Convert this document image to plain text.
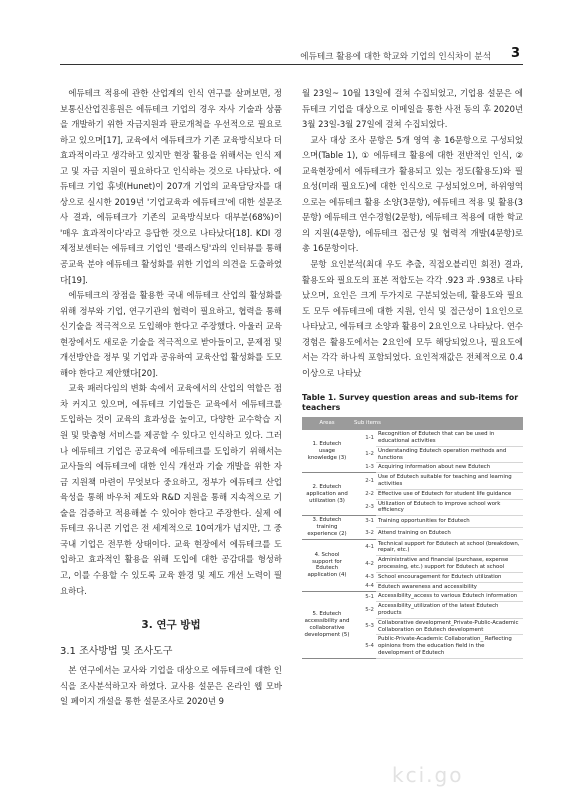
에듀테크 활용에 대한 학교와 기업의 인식차이 분석 3

에듀테크 적용에 관한 산업계의 인식 연구를 살펴보면, 정보통신산업진흥원은 에듀테크 기업의 경우 자사 기술과 상품을 개발하기 위한 자금지원과 판로개척을 우선적으로 필요로 하고 있으며[17], 교육에서 에듀테크가 기존 교육방식보다 더 효과적이라고 생각하고 있지만 현장 활용을 위해서는 인식 제고 및 자금 지원이 필요하다고 인식하는 것으로 나타났다. 에듀테크 기업 휴넷(Hunet)이 207개 기업의 교육담당자를 대상으로 실시한 2019년 '기업교육과 에듀테크'에 대한 설문조사 결과, 에듀테크가 기존의 교육방식보다 대부분(68%)이 '매우 효과적이다'라고 응답한 것으로 나타났다[18]. KDI 경제정보센터는 에듀테크 기업인 '클래스팅'과의 인터뷰를 통해 공교육 분야 에듀테크 활성화를 위한 기업의 의견을 도출하였다[19].

에듀테크의 장점을 활용한 국내 에듀테크 산업의 활성화를 위해 정부와 기업, 연구기관의 협력이 필요하고, 협력을 통해 신기술을 적극적으로 도입해야 한다고 주장했다. 아울러 교육현장에서도 새로운 기술을 적극적으로 받아들이고, 문제점 및 개선방안을 정부 및 기업과 공유하여 교육산업 활성화를 도모해야 한다고 제안했다[20].

교육 패러다임의 변화 속에서 교육에서의 산업의 역할은 점차 커지고 있으며, 에듀테크 기업들은 교육에서 에듀테크를 도입하는 것이 교육의 효과성을 높이고, 다양한 교수학습 지원 및 맞춤형 서비스를 제공할 수 있다고 인식하고 있다. 그러나 에듀테크 기업은 공교육에 에듀테크를 도입하기 위해서는 교사들의 에듀테크에 대한 인식 개선과 기술 개발을 위한 자금 지원책 마련이 무엇보다 중요하고, 정부가 에듀테크 산업 육성을 통해 바우처 제도와 R&D 지원을 통해 지속적으로 기술을 검증하고 적용해볼 수 있어야 한다고 주장한다. 실제 에듀테크 유니콘 기업은 전 세계적으로 10여개가 넘지만, 그 중 국내 기업은 전무한 상태이다. 교육 현장에서 에듀테크를 도입하고 효과적인 활용을 위해 도입에 대한 공감대를 형성하고, 이를 수용할 수 있도록 교육 환경 및 제도 개선 노력이 필요하다.

3. 연구 방법
3.1 조사방법 및 조사도구

본 연구에서는 교사와 기업을 대상으로 에듀테크에 대한 인식을 조사분석하고자 하였다. 교사용 설문은 온라인 웹 모바일 페이지 개설을 통한 설문조사로 2020년 9

월 23일~ 10월 13일에 걸쳐 수집되었고, 기업용 설문은 에듀테크 기업을 대상으로 이메일을 통한 사전 동의 후 2020년 3월 23일-3월 27일에 걸쳐 수집되었다.

교사 대상 조사 문항은 5개 영역 총 16문항으로 구성되었으며(Table 1), ① 에듀테크 활용에 대한 전반적인 인식, ② 교육현장에서 에듀테크가 활용되고 있는 정도(활용도)와 필요성(미래 필요도)에 대한 인식으로 구성되었으며, 하위영역으로는 에듀테크 활용 소양(3문항), 에듀테크 적용 및 활용(3문항) 에듀테크 연수경험(2문항), 에듀테크 적용에 대한 학교의 지원(4문항), 에듀테크 접근성 및 협력적 개발(4문항)로 총 16문항이다.

문항 요인분석(최대 우도 추출, 직접오블리민 회전) 결과, 활용도와 필요도의 표본 적합도는 각각 .923 과 .938로 나타났으며, 요인은 크게 두가지로 구분되었는데, 활용도와 필요도 모두 에듀테크에 대한 지원, 인식 및 접근성이 1요인으로 나타났고, 에듀테크 소양과 활용이 2요인으로 나타났다. 연수경험은 활용도에서는 2요인에 모두 해당되었으나, 필요도에서는 각각 하나씩 포함되었다. 요인적재값은 전체적으로 0.4이상으로 나타났

Table 1. Survey question areas and sub-items for teachers
Areas	Sub items	
1. Edutech usage knowledge (3)	1-1	Recognition of Edutech that can be used in educational activities
	1-2	Understanding Edutech operation methods and functions
	1-3	Acquiring information about new Edutech
2. Edutech application and utilization (3)	2-1	Use of Edutech suitable for teaching and learning activities
	2-2	Effective use of Edutech for student life guidance
	2-3	Utilization of Edutech to improve school work efficiency
3. Edutech training experience (2)	3-1	Training opportunities for Edutech
	3-2	Attend training on Edutech
4. School support for Edutech application (4)	4-1	Technical support for Edutech at school (breakdown, repair, etc.)
	4-2	Administrative and financial (purchase, expense processing, etc.) support for Edutech at school
	4-3	School encouragement for Edutech utilization
	4-4	Edutech awareness and accessibility
5. Edutech accessibility and collaborative development (5)	5-1	Accessibility_access to various Edutech information
	5-2	Accessibility_utilization of the latest Edutech products
	5-3	Collaborative development_Private-Public-Academic Collaboration on Edutech development
	5-4	Public-Private-Academic Collaboration_ Reflecting opinions from the education field in the development of Edutech
kci.go
